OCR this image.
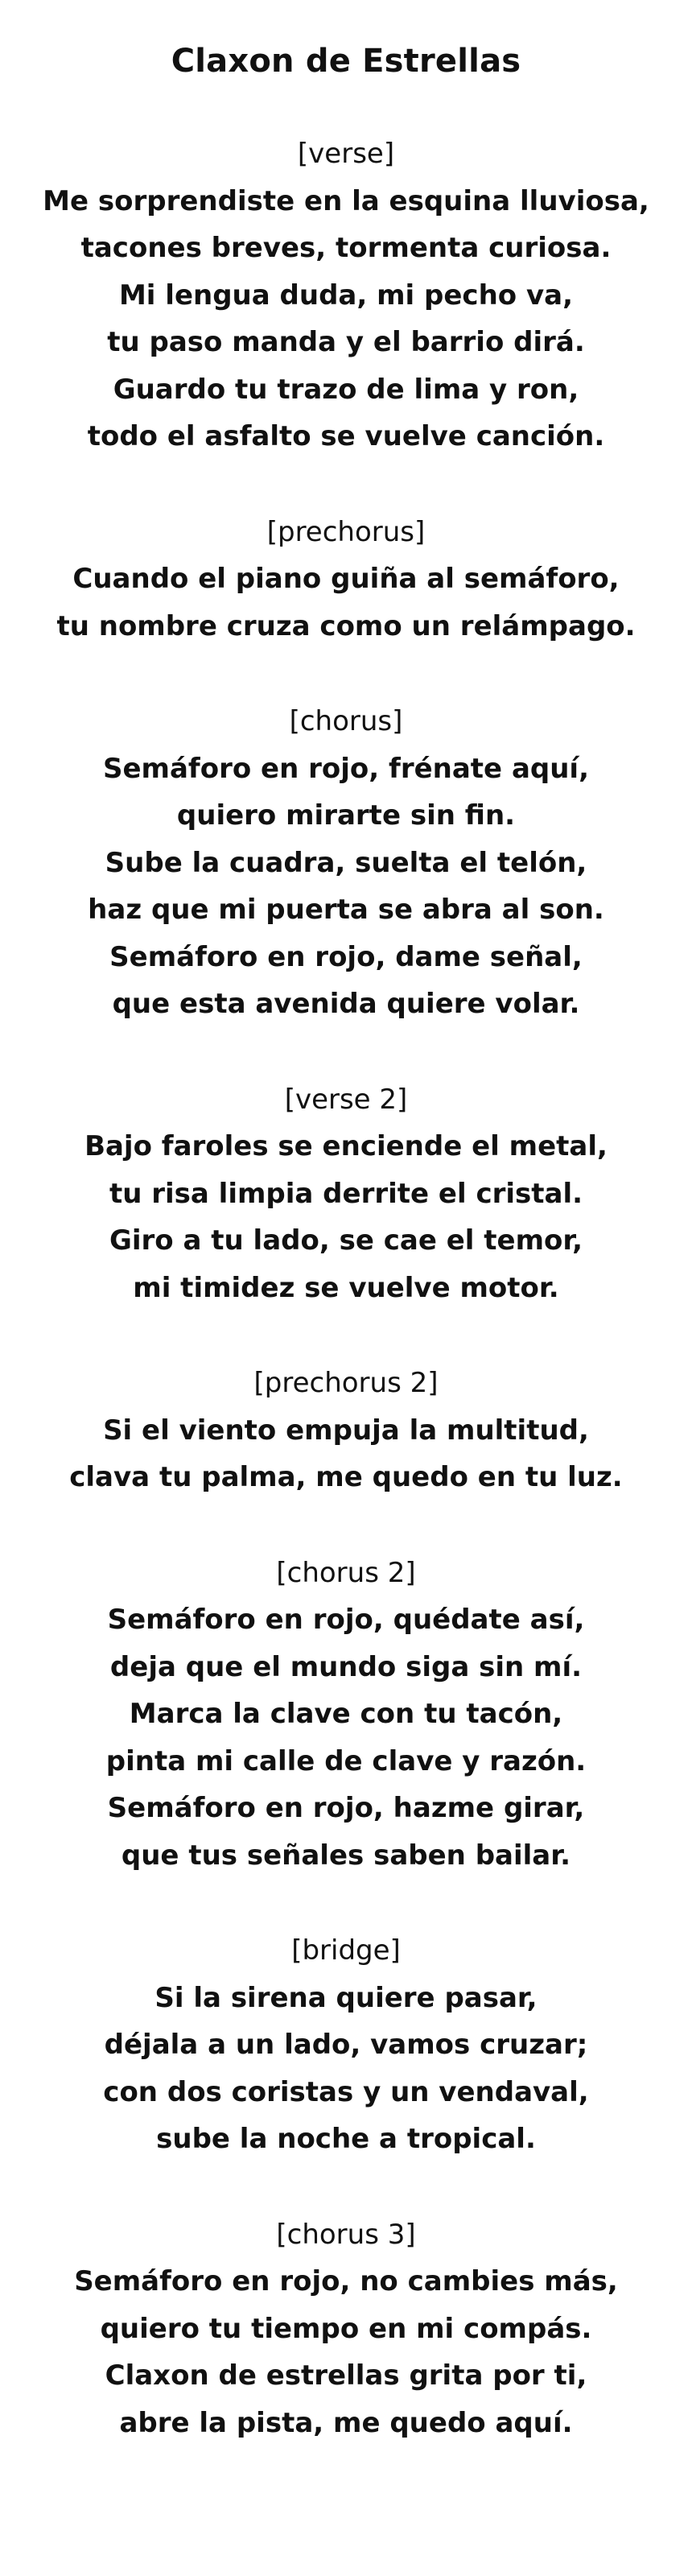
Claxon de Estrellas
[verse]
Me sorprendiste en la esquina lluviosa,
tacones breves, tormenta curiosa.
Mi lengua duda, mi pecho va,
tu paso manda y el barrio dirá.
Guardo tu trazo de lima y ron,
todo el asfalto se vuelve canción.
[prechorus]
Cuando el piano guiña al semáforo,
tu nombre cruza como un relámpago.
[chorus]
Semáforo en rojo, frénate aquí,
quiero mirarte sin fin.
Sube la cuadra, suelta el telón,
haz que mi puerta se abra al son.
Semáforo en rojo, dame señal,
que esta avenida quiere volar.
[verse 2]
Bajo faroles se enciende el metal,
tu risa limpia derrite el cristal.
Giro a tu lado, se cae el temor,
mi timidez se vuelve motor.
[prechorus 2]
Si el viento empuja la multitud,
clava tu palma, me quedo en tu luz.
[chorus 2]
Semáforo en rojo, quédate así,
deja que el mundo siga sin mí.
Marca la clave con tu tacón,
pinta mi calle de clave y razón.
Semáforo en rojo, hazme girar,
que tus señales saben bailar.
[bridge]
Si la sirena quiere pasar,
déjala a un lado, vamos cruzar;
con dos coristas y un vendaval,
sube la noche a tropical.
[chorus 3]
Semáforo en rojo, no cambies más,
quiero tu tiempo en mi compás.
Claxon de estrellas grita por ti,
abre la pista, me quedo aquí.
